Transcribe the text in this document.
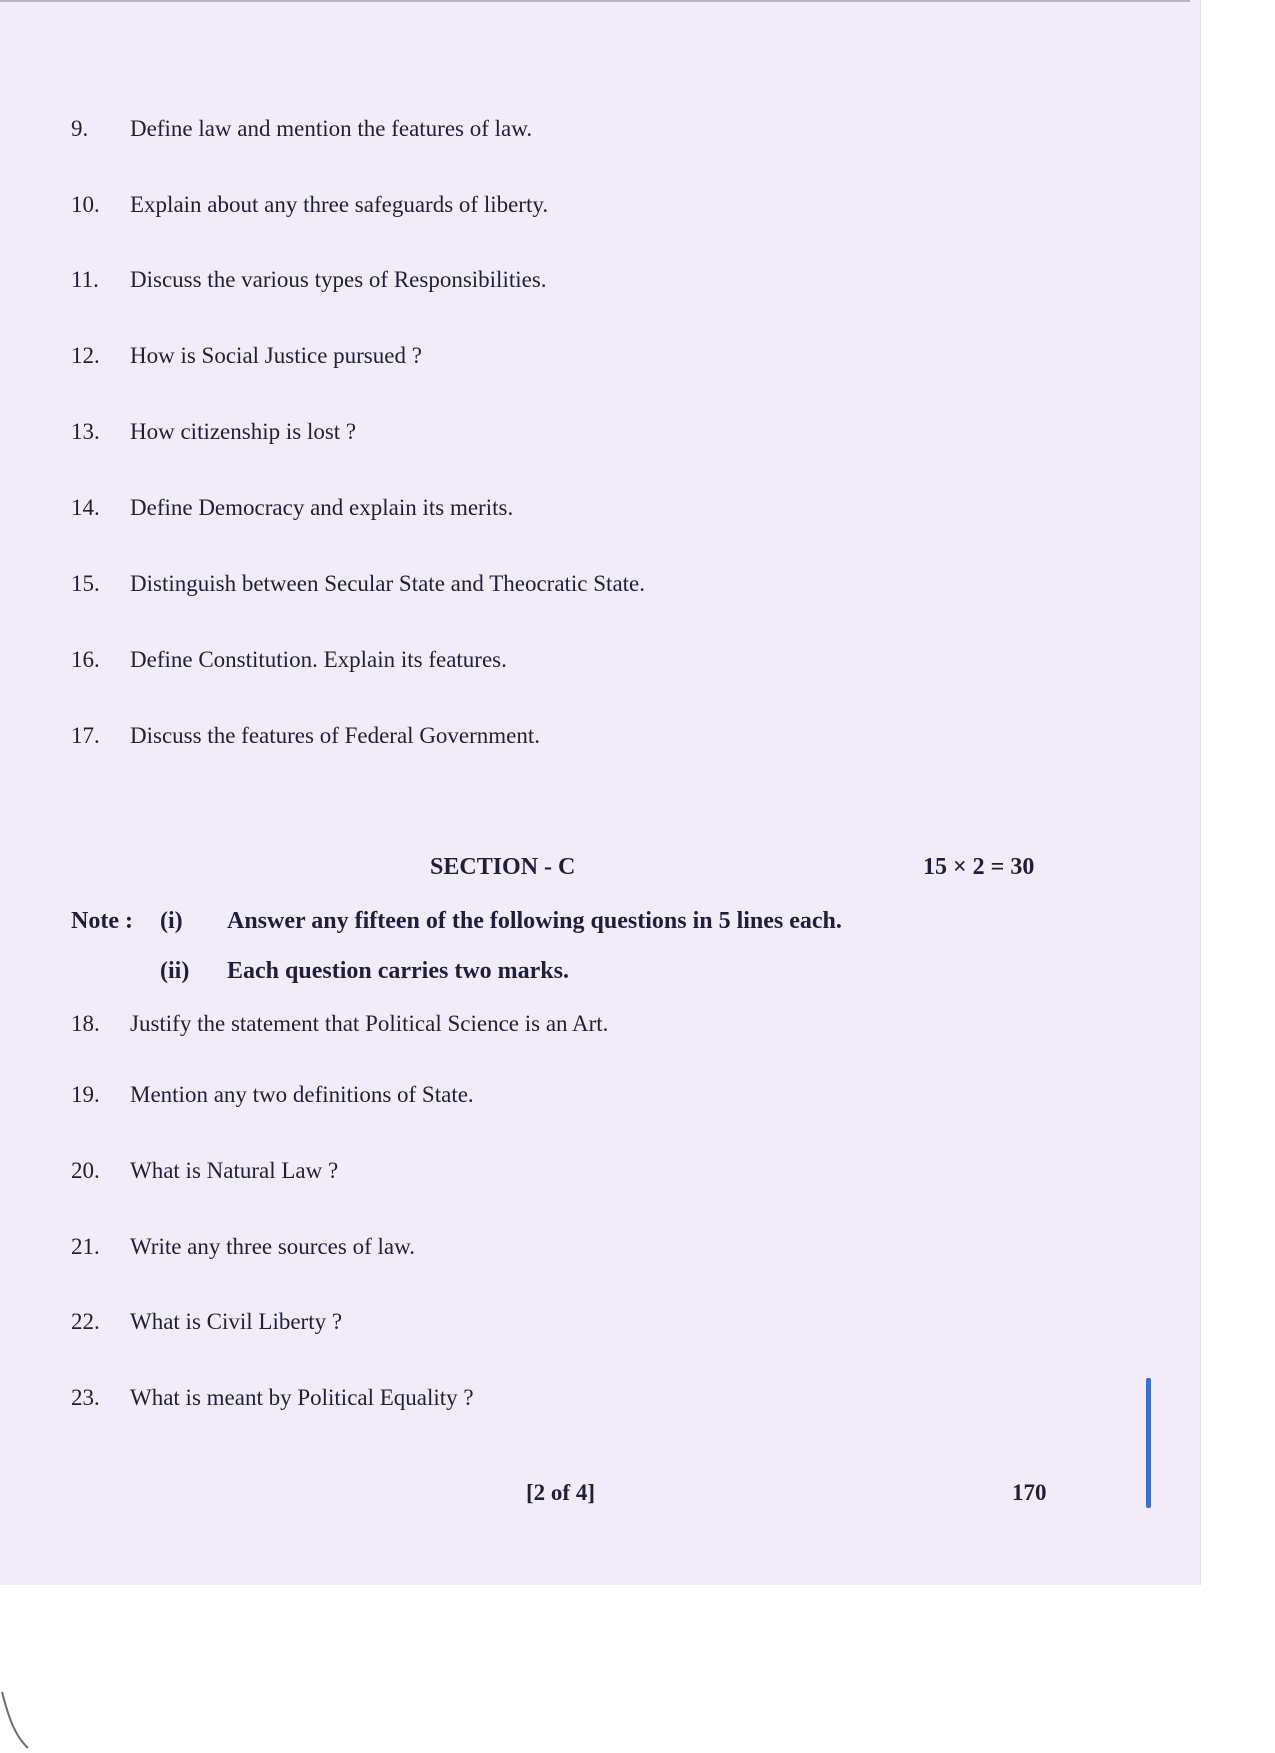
9. Define law and mention the features of law.
10. Explain about any three safeguards of liberty.
11. Discuss the various types of Responsibilities.
12. How is Social Justice pursued ?
13. How citizenship is lost ?
14. Define Democracy and explain its merits.
15. Distinguish between Secular State and Theocratic State.
16. Define Constitution. Explain its features.
17. Discuss the features of Federal Government.
SECTION - C	15 × 2 = 30
Note : (i) Answer any fifteen of the following questions in 5 lines each.
(ii) Each question carries two marks.
18. Justify the statement that Political Science is an Art.
19. Mention any two definitions of State.
20. What is Natural Law ?
21. Write any three sources of law.
22. What is Civil Liberty ?
23. What is meant by Political Equality ?
[2 of 4]	170
